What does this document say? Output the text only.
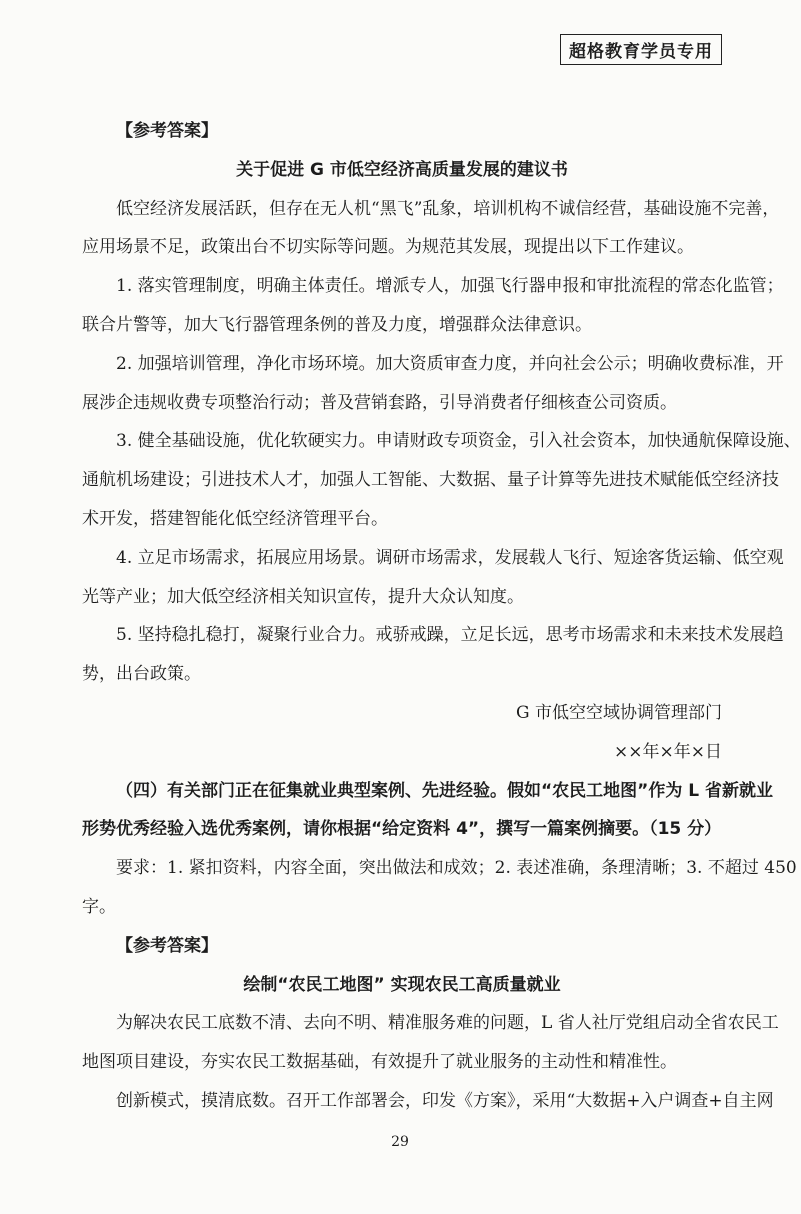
超格教育学员专用
【参考答案】
关于促进 G 市低空经济高质量发展的建议书
低空经济发展活跃，但存在无人机“黑飞”乱象，培训机构不诚信经营，基础设施不完善，
应用场景不足，政策出台不切实际等问题。为规范其发展，现提出以下工作建议。
1. 落实管理制度，明确主体责任。增派专人，加强飞行器申报和审批流程的常态化监管；
联合片警等，加大飞行器管理条例的普及力度，增强群众法律意识。
2. 加强培训管理，净化市场环境。加大资质审查力度，并向社会公示；明确收费标准，开
展涉企违规收费专项整治行动；普及营销套路，引导消费者仔细核查公司资质。
3. 健全基础设施，优化软硬实力。申请财政专项资金，引入社会资本，加快通航保障设施、
通航机场建设；引进技术人才，加强人工智能、大数据、量子计算等先进技术赋能低空经济技
术开发，搭建智能化低空经济管理平台。
4. 立足市场需求，拓展应用场景。调研市场需求，发展载人飞行、短途客货运输、低空观
光等产业；加大低空经济相关知识宣传，提升大众认知度。
5. 坚持稳扎稳打，凝聚行业合力。戒骄戒躁，立足长远，思考市场需求和未来技术发展趋
势，出台政策。
G 市低空空域协调管理部门
××年×年×日
（四）有关部门正在征集就业典型案例、先进经验。假如“农民工地图”作为 L 省新就业
形势优秀经验入选优秀案例，请你根据“给定资料 4”，撰写一篇案例摘要。（15 分）
要求：1. 紧扣资料，内容全面，突出做法和成效；2. 表述准确，条理清晰；3. 不超过 450
字。
【参考答案】
绘制“农民工地图” 实现农民工高质量就业
为解决农民工底数不清、去向不明、精准服务难的问题，L 省人社厅党组启动全省农民工
地图项目建设，夯实农民工数据基础，有效提升了就业服务的主动性和精准性。
创新模式，摸清底数。召开工作部署会，印发《方案》，采用“大数据+入户调查+自主网
29
